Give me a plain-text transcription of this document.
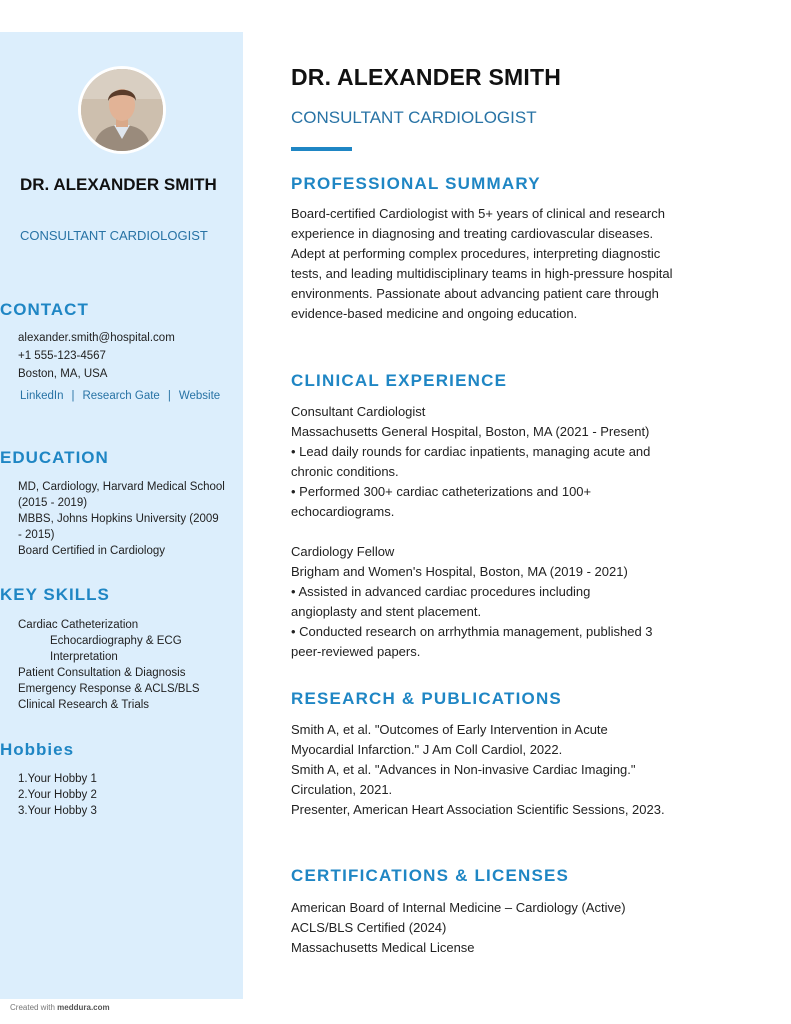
DR. ALEXANDER SMITH
CONSULTANT CARDIOLOGIST
CONTACT
alexander.smith@hospital.com
+1 555-123-4567
Boston, MA, USA
LinkedIn | Research Gate | Website
EDUCATION
MD, Cardiology, Harvard Medical School (2015 - 2019)
MBBS, Johns Hopkins University (2009 - 2015)
Board Certified in Cardiology
KEY SKILLS
Cardiac Catheterization
Echocardiography & ECG Interpretation
Patient Consultation & Diagnosis
Emergency Response & ACLS/BLS
Clinical Research & Trials
Hobbies
1.Your Hobby 1
2.Your Hobby 2
3.Your Hobby 3
DR. ALEXANDER SMITH
CONSULTANT CARDIOLOGIST
PROFESSIONAL SUMMARY
Board-certified Cardiologist with 5+ years of clinical and research experience in diagnosing and treating cardiovascular diseases. Adept at performing complex procedures, interpreting diagnostic tests, and leading multidisciplinary teams in high-pressure hospital environments. Passionate about advancing patient care through evidence-based medicine and ongoing education.
CLINICAL EXPERIENCE
Consultant Cardiologist
Massachusetts General Hospital, Boston, MA (2021 - Present)
• Lead daily rounds for cardiac inpatients, managing acute and chronic conditions.
• Performed 300+ cardiac catheterizations and 100+ echocardiograms.
Cardiology Fellow
Brigham and Women's Hospital, Boston, MA (2019 - 2021)
• Assisted in advanced cardiac procedures including angioplasty and stent placement.
• Conducted research on arrhythmia management, published 3 peer-reviewed papers.
RESEARCH & PUBLICATIONS
Smith A, et al. "Outcomes of Early Intervention in Acute Myocardial Infarction." J Am Coll Cardiol, 2022.
Smith A, et al. "Advances in Non-invasive Cardiac Imaging." Circulation, 2021.
Presenter, American Heart Association Scientific Sessions, 2023.
CERTIFICATIONS & LICENSES
American Board of Internal Medicine – Cardiology (Active)
ACLS/BLS Certified (2024)
Massachusetts Medical License
Created with meddura.com
